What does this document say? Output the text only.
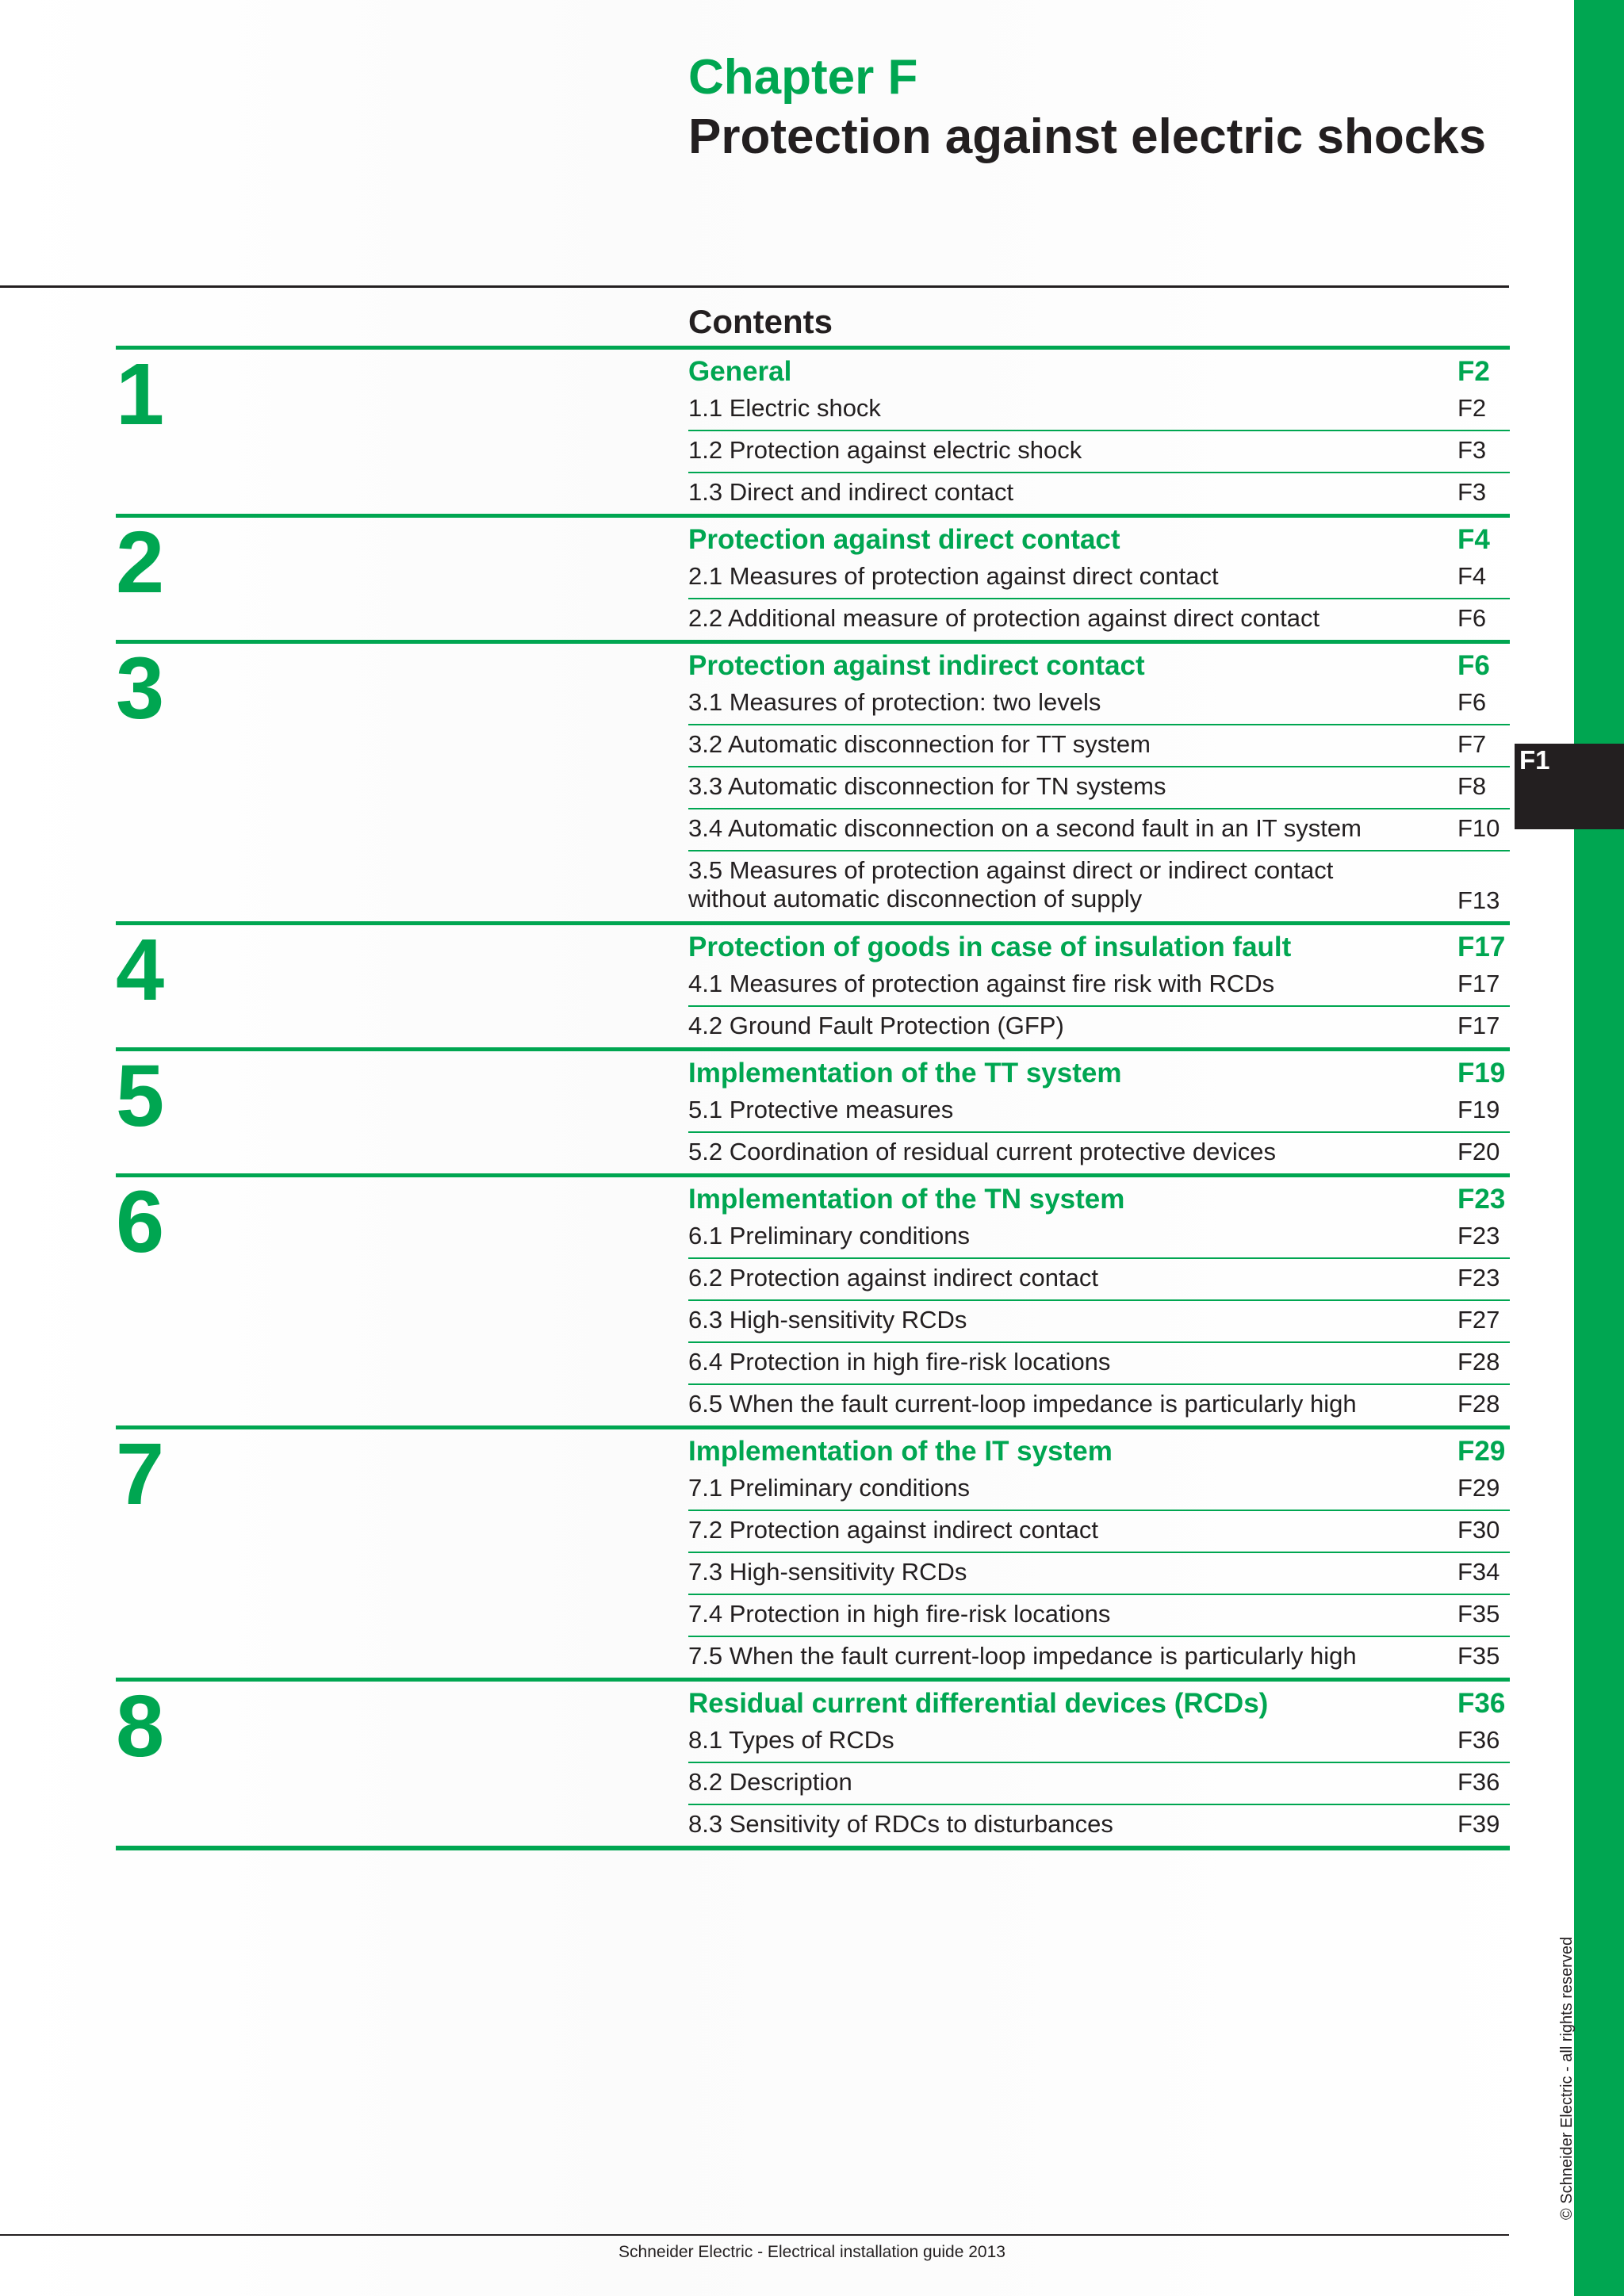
F1
Chapter F
Protection against electric shocks
Contents
1	General	F2
1.1 Electric shock	F2
1.2 Protection against electric shock	F3
1.3 Direct and indirect contact	F3
2	Protection against direct contact	F4
2.1 Measures of protection against direct contact	F4
2.2 Additional measure of protection against direct contact	F6
3	Protection against indirect contact	F6
3.1 Measures of protection: two levels	F6
3.2 Automatic disconnection for TT system	F7
3.3 Automatic disconnection for TN systems	F8
3.4 Automatic disconnection on a second fault in an IT system	F10
3.5 Measures of protection against direct or indirect contact
without automatic disconnection of supply	F13
4	Protection of goods in case of insulation fault	F17
4.1 Measures of protection against fire risk with RCDs	F17
4.2 Ground Fault Protection (GFP)	F17
5	Implementation of the TT system	F19
5.1 Protective measures	F19
5.2 Coordination of residual current protective devices	F20
6	Implementation of the TN system	F23
6.1 Preliminary conditions	F23
6.2 Protection against indirect contact	F23
6.3 High-sensitivity RCDs	F27
6.4 Protection in high fire-risk locations	F28
6.5 When the fault current-loop impedance is particularly high	F28
7	Implementation of the IT system	F29
7.1 Preliminary conditions	F29
7.2 Protection against indirect contact	F30
7.3 High-sensitivity RCDs	F34
7.4 Protection in high fire-risk locations	F35
7.5 When the fault current-loop impedance is particularly high	F35
8	Residual current differential devices (RCDs)	F36
8.1 Types of RCDs	F36
8.2 Description	F36
8.3 Sensitivity of RDCs to disturbances	F39
Schneider Electric - Electrical installation guide 2013
© Schneider Electric - all rights reserved
